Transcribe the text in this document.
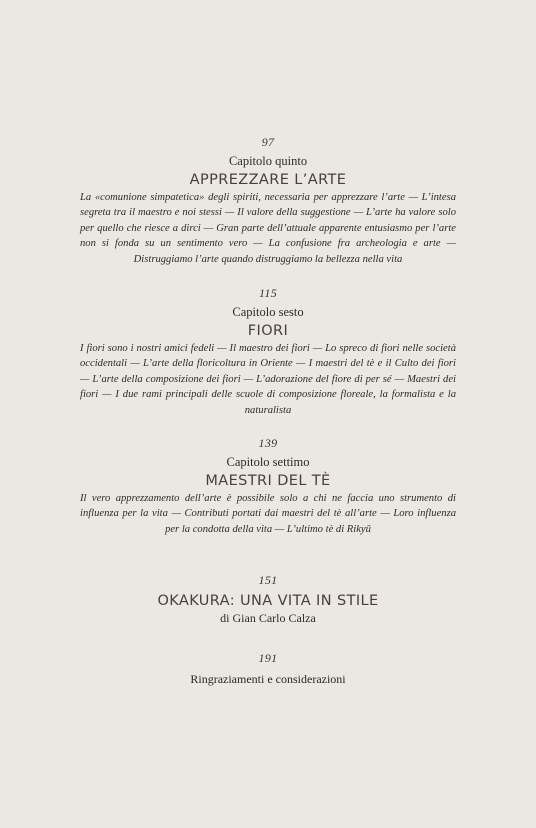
97
Capitolo quinto
APPREZZARE L’ARTE
La «comunione simpatetica» degli spiriti, necessaria per apprezzare l’arte — L’intesa segreta tra il maestro e noi stessi — Il valore della suggestione — L’arte ha valore solo per quello che riesce a dirci — Gran parte dell’attuale apparente entusiasmo per l’arte non si fonda su un sentimento vero — La confusione fra archeologia e arte — Distruggiamo l’arte quando distruggiamo la bellezza nella vita
115
Capitolo sesto
FIORI
I fiori sono i nostri amici fedeli — Il maestro dei fiori — Lo spreco di fiori nelle società occidentali — L’arte della floricoltura in Oriente — I maestri del tè e il Culto dei fiori — L’arte della composizione dei fiori — L’adorazione del fiore di per sé — Maestri dei fiori — I due rami principali delle scuole di composizione floreale, la formalista e la naturalista
139
Capitolo settimo
MAESTRI DEL TÈ
Il vero apprezzamento dell’arte è possibile solo a chi ne faccia uno strumento di influenza per la vita — Contributi portati dai maestri del tè all’arte — Loro influenza per la condotta della vita — L’ultimo tè di Rikyū
151
OKAKURA: UNA VITA IN STILE
di Gian Carlo Calza
191
Ringraziamenti e considerazioni
